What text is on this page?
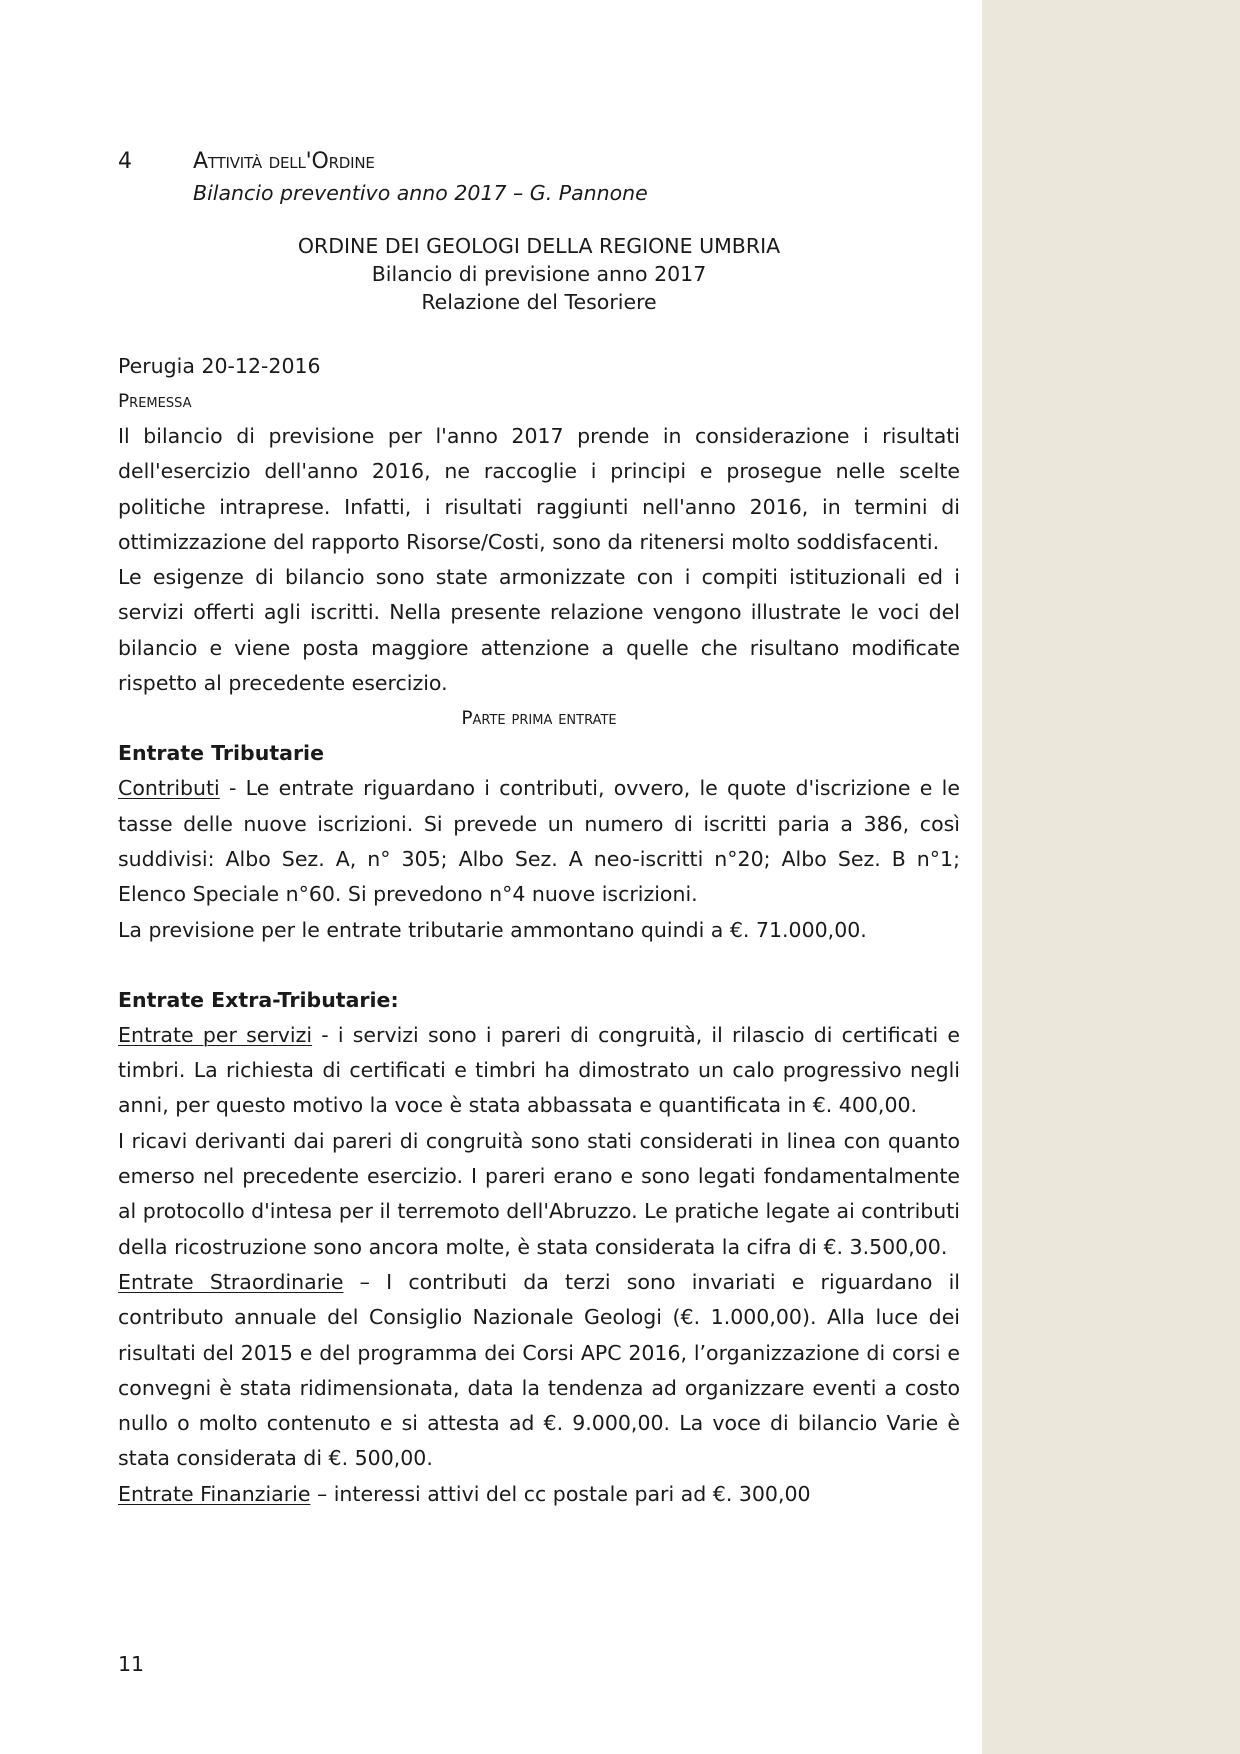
4	Attività dell'Ordine
Bilancio preventivo anno 2017 – G. Pannone
ORDINE DEI GEOLOGI DELLA REGIONE UMBRIA
Bilancio di previsione anno 2017
Relazione del Tesoriere
Perugia 20-12-2016
Premessa

Il bilancio di previsione per l'anno 2017 prende in considerazione i risultati dell'esercizio dell'anno 2016, ne raccoglie i principi e prosegue nelle scelte politiche intraprese. Infatti, i risultati raggiunti nell'anno 2016, in termini di ottimizzazione del rapporto Risorse/Costi, sono da ritenersi molto soddisfacenti.

Le esigenze di bilancio sono state armonizzate con i compiti istituzionali ed i servizi offerti agli iscritti. Nella presente relazione vengono illustrate le voci del bilancio e viene posta maggiore attenzione a quelle che risultano modificate rispetto al precedente esercizio.

Parte prima entrate
Entrate Tributarie

Contributi - Le entrate riguardano i contributi, ovvero, le quote d'iscrizione e le tasse delle nuove iscrizioni. Si prevede un numero di iscritti paria a 386, così suddivisi: Albo Sez. A, n° 305; Albo Sez. A neo-iscritti n°20; Albo Sez. B n°1; Elenco Speciale n°60. Si prevedono n°4 nuove iscrizioni.

La previsione per le entrate tributarie ammontano quindi a €. 71.000,00.

Entrate Extra-Tributarie:

Entrate per servizi - i servizi sono i pareri di congruità, il rilascio di certificati e timbri. La richiesta di certificati e timbri ha dimostrato un calo progressivo negli anni, per questo motivo la voce è stata abbassata e quantificata in €. 400,00.

I ricavi derivanti dai pareri di congruità sono stati considerati in linea con quanto emerso nel precedente esercizio. I pareri erano e sono legati fondamentalmente al protocollo d'intesa per il terremoto dell'Abruzzo. Le pratiche legate ai contributi della ricostruzione sono ancora molte, è stata considerata la cifra di €. 3.500,00.

Entrate Straordinarie – I contributi da terzi sono invariati e riguardano il contributo annuale del Consiglio Nazionale Geologi (€. 1.000,00). Alla luce dei risultati del 2015 e del programma dei Corsi APC 2016, l’organizzazione di corsi e convegni è stata ridimensionata, data la tendenza ad organizzare eventi a costo nullo o molto contenuto e si attesta ad €. 9.000,00. La voce di bilancio Varie è stata considerata di €. 500,00.

Entrate Finanziarie – interessi attivi del cc postale pari ad €. 300,00

11
